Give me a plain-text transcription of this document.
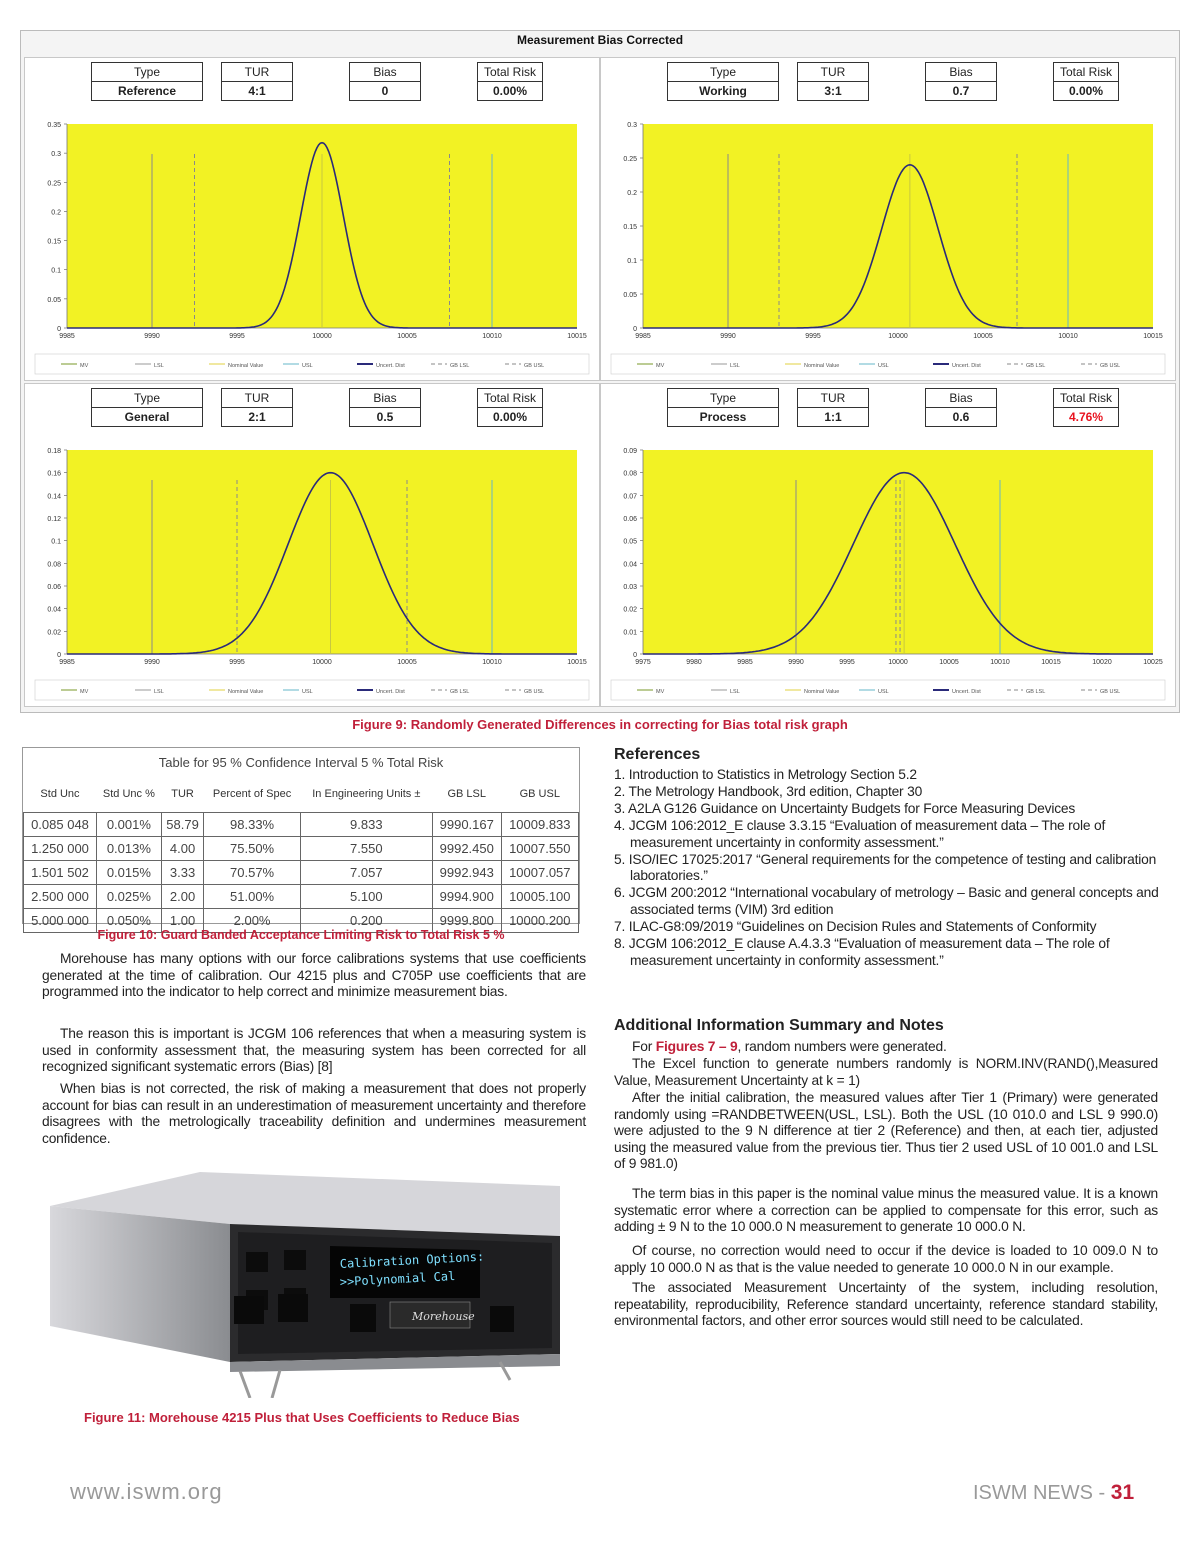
Measurement Bias Corrected
Type
Reference
TUR
4:1
Bias
0
Total Risk
0.00%
0
0.05
0.1
0.15
0.2
0.25
0.3
0.35
9985	9990	9995	10000	10005	10010	10015
MV	LSL	Nominal Value	USL	Uncert. Dist	GB LSL	GB USL
Type
Working
TUR
3:1
Bias
0.7
Total Risk
0.00%
0
0.05
0.1
0.15
0.2
0.25
0.3
9985	9990	9995	10000	10005	10010	10015
MV	LSL	Nominal Value	USL	Uncert. Dist	GB LSL	GB USL
Type
General
TUR
2:1
Bias
0.5
Total Risk
0.00%
0
0.02
0.04
0.06
0.08
0.1
0.12
0.14
0.16
0.18
9985	9990	9995	10000	10005	10010	10015
MV	LSL	Nominal Value	USL	Uncert. Dist	GB LSL	GB USL
Type
Process
TUR
1:1
Bias
0.6
Total Risk
4.76%
0
0.01
0.02
0.03
0.04
0.05
0.06
0.07
0.08
0.09
9975	9980	9985	9990	9995	10000	10005	10010	10015	10020	10025
MV	LSL	Nominal Value	USL	Uncert. Dist	GB LSL	GB USL
Figure 9: Randomly Generated Differences in correcting for Bias total risk graph
Table for 95 % Confidence Interval 5 % Total Risk						
Std Unc	Std Unc %	TUR	Percent of Spec	In Engineering Units ±	GB LSL	GB USL
0.085 048	0.001%	58.79	98.33%	9.833	9990.167	10009.833
1.250 000	0.013%	4.00	75.50%	7.550	9992.450	10007.550
1.501 502	0.015%	3.33	70.57%	7.057	9992.943	10007.057
2.500 000	0.025%	2.00	51.00%	5.100	9994.900	10005.100
5.000 000	0.050%	1.00	2.00%	0.200	9999.800	10000.200
Figure 10: Guard Banded Acceptance Limiting Risk to Total Risk 5 %
Morehouse has many options with our force calibrations systems that use coefficients generated at the time of calibration. Our 4215 plus and C705P use coefficients that are programmed into the indicator to help correct and minimize measurement bias.
The reason this is important is JCGM 106 references that when a measuring system is used in conformity assessment that, the measuring system has been corrected for all recognized significant systematic errors (Bias) [8]
When bias is not corrected, the risk of making a measurement that does not properly account for bias can result in an underestimation of measurement uncertainty and therefore disagrees with the metrologically traceability definition and undermines measurement confidence.
Calibration Options:
>>Polynomial Cal
Morehouse
Figure 11: Morehouse 4215 Plus that Uses Coefficients to Reduce Bias
References
1. Introduction to Statistics in Metrology Section 5.2
2. The Metrology Handbook, 3rd edition, Chapter 30
3. A2LA G126 Guidance on Uncertainty Budgets for Force Measuring Devices
4. JCGM 106:2012_E clause 3.3.15 “Evaluation of measurement data – The role of measurement uncertainty in conformity assessment.”
5. ISO/IEC 17025:2017 “General requirements for the competence of testing and calibration laboratories.”
6. JCGM 200:2012 “International vocabulary of metrology – Basic and general concepts and associated terms (VIM) 3rd edition
7. ILAC-G8:09/2019 “Guidelines on Decision Rules and Statements of Conformity
8. JCGM 106:2012_E clause A.4.3.3 “Evaluation of measurement data – The role of measurement uncertainty in conformity assessment.”
Additional Information Summary and Notes
For Figures 7 – 9, random numbers were generated.
The Excel function to generate numbers randomly is NORM.INV(RAND(),Measured Value, Measurement Uncertainty at k = 1)
After the initial calibration, the measured values after Tier 1 (Primary) were generated randomly using =RANDBETWEEN(USL, LSL). Both the USL (10 010.0 and LSL 9 990.0) were adjusted to the 9 N difference at tier 2 (Reference) and then, at each tier, adjusted using the measured value from the previous tier. Thus tier 2 used USL of 10 001.0 and LSL of 9 981.0)
The term bias in this paper is the nominal value minus the measured value. It is a known systematic error where a correction can be applied to compensate for this error, such as adding ± 9 N to the 10 000.0 N measurement to generate 10 000.0 N.
Of course, no correction would need to occur if the device is loaded to 10 009.0 N to apply 10 000.0 N as that is the value needed to generate 10 000.0 N in our example.
The associated Measurement Uncertainty of the system, including resolution, repeatability, reproducibility, Reference standard uncertainty, reference standard stability, environmental factors, and other error sources would still need to be calculated.
www.iswm.org	ISWM NEWS - 31
